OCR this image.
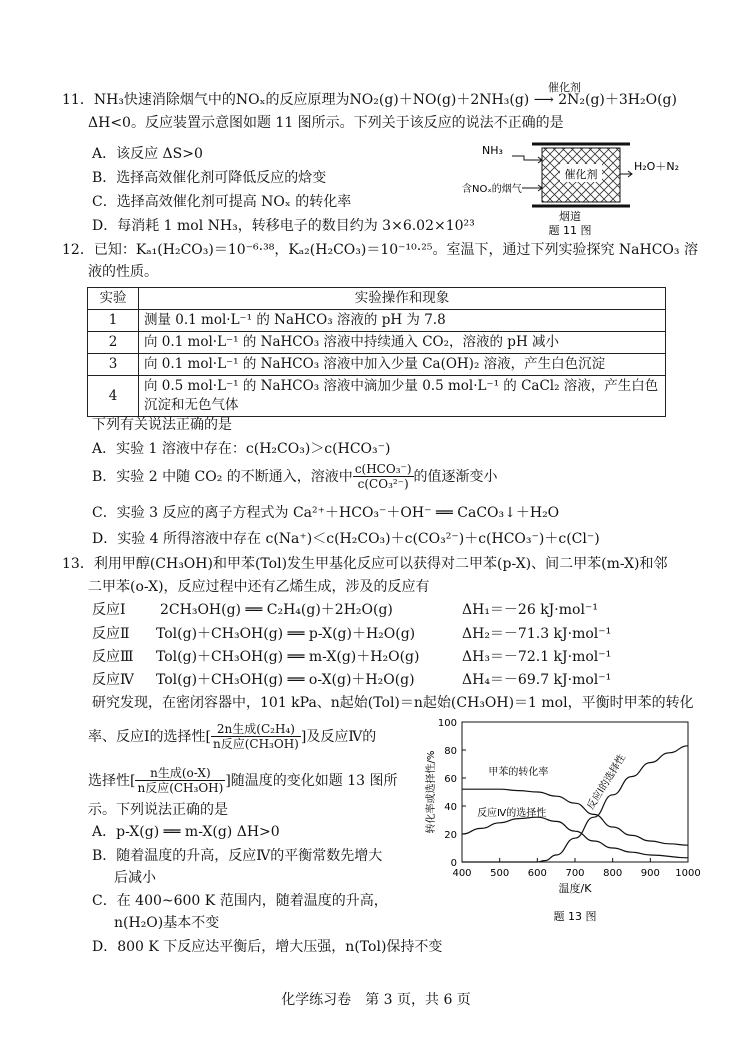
11．NH₃快速消除烟气中的NOₓ的反应原理为NO₂(g)＋NO(g)＋2NH₃(g) ⟶ 2N₂(g)＋3H₂O(g)
催化剂
ΔH<0。反应装置示意图如题 11 图所示。下列关于该反应的说法不正确的是
A．该反应 ΔS>0
B．选择高效催化剂可降低反应的焓变
C．选择高效催化剂可提高 NOₓ 的转化率
D．每消耗 1 mol NH₃，转移电子的数目约为 3×6.02×10²³
催化剂
NH₃
含NOₓ的烟气
H₂O＋N₂
烟道
题 11 图
12．已知：Kₐ₁(H₂CO₃)＝10⁻⁶·³⁸，Kₐ₂(H₂CO₃)＝10⁻¹⁰·²⁵。室温下，通过下列实验探究 NaHCO₃ 溶
液的性质。
实验	实验操作和现象
1	测量 0.1 mol·L⁻¹ 的 NaHCO₃ 溶液的 pH 为 7.8
2	向 0.1 mol·L⁻¹ 的 NaHCO₃ 溶液中持续通入 CO₂，溶液的 pH 减小
3	向 0.1 mol·L⁻¹ 的 NaHCO₃ 溶液中加入少量 Ca(OH)₂ 溶液，产生白色沉淀
4	向 0.5 mol·L⁻¹ 的 NaHCO₃ 溶液中滴加少量 0.5 mol·L⁻¹ 的 CaCl₂ 溶液，产生白色沉淀和无色气体
下列有关说法正确的是
A．实验 1 溶液中存在：c(H₂CO₃)＞c(HCO₃⁻)
B．实验 2 中随 CO₂ 的不断通入，溶液中 $\frac{\text{c(HCO₃⁻)}}{\text{c(CO₃²⁻)}}$ 的值逐渐变小
C．实验 3 反应的离子方程式为 Ca²⁺＋HCO₃⁻＋OH⁻ ══ CaCO₃↓＋H₂O
D．实验 4 所得溶液中存在 c(Na⁺)＜c(H₂CO₃)＋c(CO₃²⁻)＋c(HCO₃⁻)＋c(Cl⁻)
13．利用甲醇(CH₃OH)和甲苯(Tol)发生甲基化反应可以获得对二甲苯(p-X)、间二甲苯(m-X)和邻
二甲苯(o-X)，反应过程中还有乙烯生成，涉及的反应有
反应Ⅰ 2CH₃OH(g) ══ C₂H₄(g)＋2H₂O(g)	ΔH₁＝－26 kJ·mol⁻¹
反应Ⅱ Tol(g)＋CH₃OH(g) ══ p-X(g)＋H₂O(g)	ΔH₂＝－71.3 kJ·mol⁻¹
反应Ⅲ Tol(g)＋CH₃OH(g) ══ m-X(g)＋H₂O(g)	ΔH₃＝－72.1 kJ·mol⁻¹
反应Ⅳ Tol(g)＋CH₃OH(g) ══ o-X(g)＋H₂O(g)	ΔH₄＝－69.7 kJ·mol⁻¹
研究发现，在密闭容器中，101 kPa、n起始(Tol)＝n起始(CH₃OH)＝1 mol，平衡时甲苯的转化
率、反应Ⅰ的选择性[ $\frac{\text{2n生成(C₂H₄)}}{\text{n反应(CH₃OH)}}$ ]及反应Ⅳ的
选择性[ $\frac{\text{n生成(o-X)}}{\text{n反应(CH₃OH)}}$ ]随温度的变化如题 13 图所
示。下列说法正确的是
A．p-X(g) ══ m-X(g) ΔH>0
B．随着温度的升高，反应Ⅳ的平衡常数先增大
后减小
C．在 400~600 K 范围内，随着温度的升高，
n(H₂O)基本不变
D．800 K 下反应达平衡后，增大压强，n(Tol)保持不变
0
20
40
60
80
100
400 500 600 700 800 900 1000
温度/K
转化率或选择性/%	甲苯的转化率
反应Ⅳ的选择性
反应Ⅰ的选择性
题 13 图
化学练习卷　第 3 页，共 6 页
